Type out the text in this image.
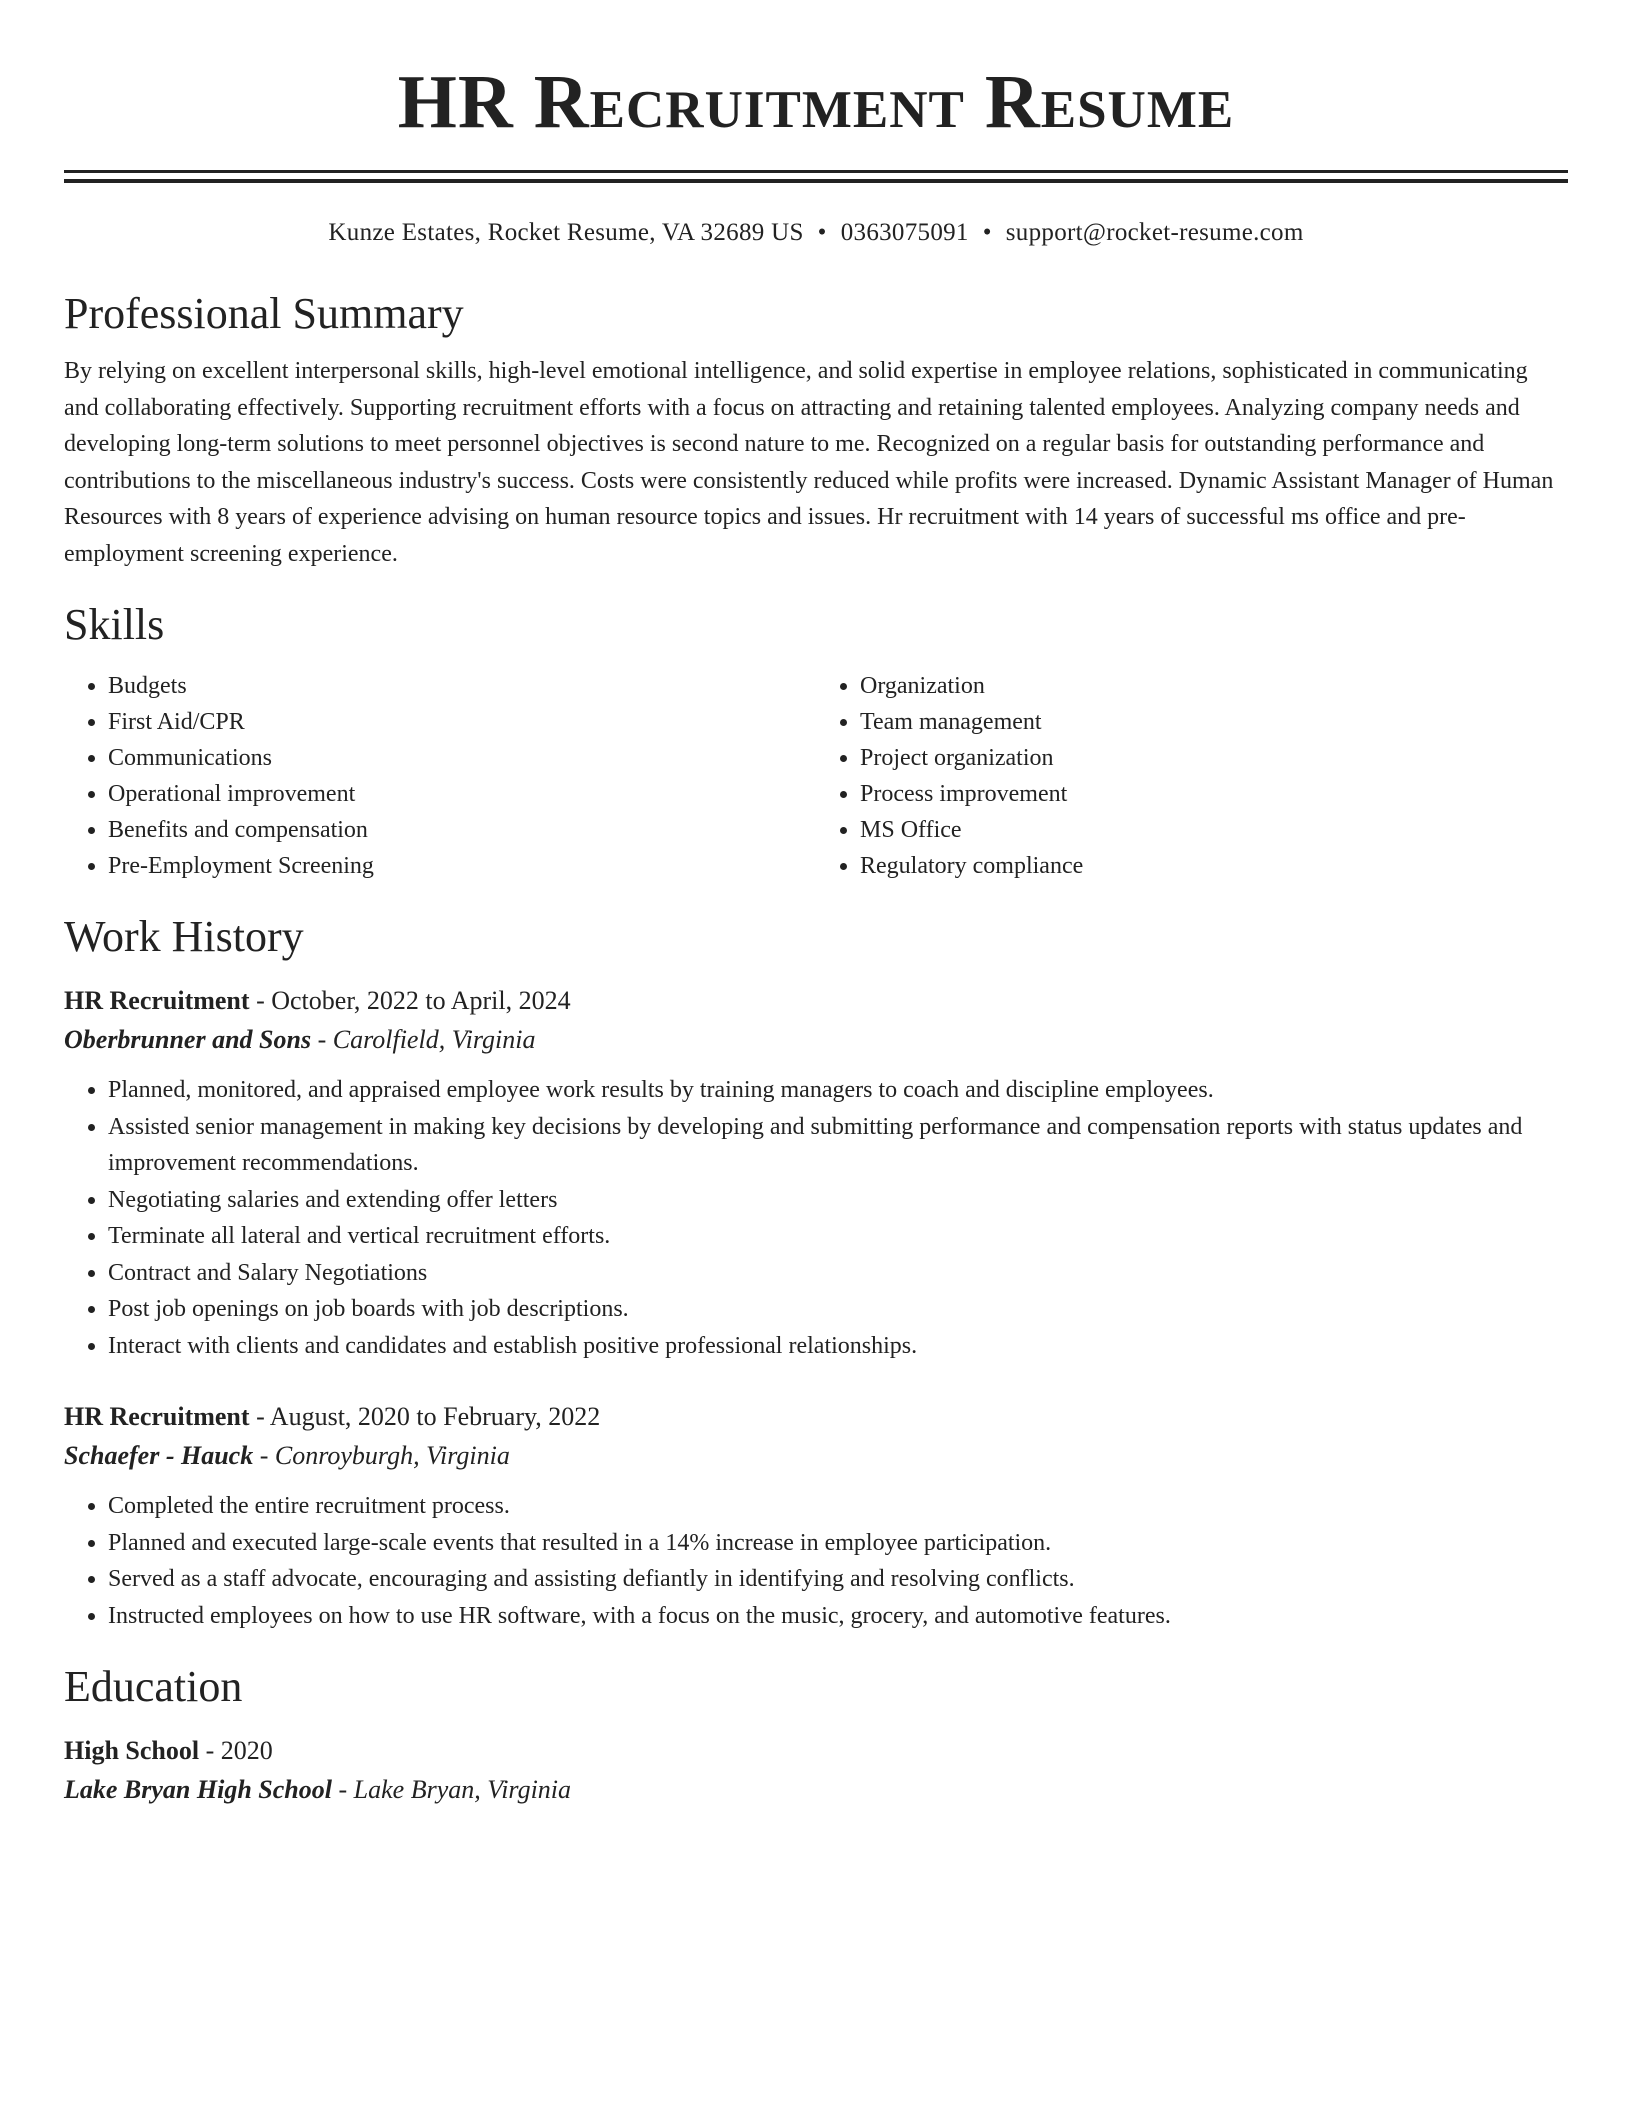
HR Recruitment Resume
Kunze Estates, Rocket Resume, VA 32689 US • 0363075091 • support@rocket-resume.com
Professional Summary

By relying on excellent interpersonal skills, high-level emotional intelligence, and solid expertise in employee relations, sophisticated in communicating and collaborating effectively. Supporting recruitment efforts with a focus on attracting and retaining talented employees. Analyzing company needs and developing long-term solutions to meet personnel objectives is second nature to me. Recognized on a regular basis for outstanding performance and contributions to the miscellaneous industry's success. Costs were consistently reduced while profits were increased. Dynamic Assistant Manager of Human Resources with 8 years of experience advising on human resource topics and issues. Hr recruitment with 14 years of successful ms office and pre-employment screening experience.

Skills
• Budgets
• First Aid/CPR
• Communications
• Operational improvement
• Benefits and compensation
• Pre-Employment Screening
• Organization
• Team management
• Project organization
• Process improvement
• MS Office
• Regulatory compliance
Work History
HR Recruitment - October, 2022 to April, 2024
Oberbrunner and Sons - Carolfield, Virginia
• Planned, monitored, and appraised employee work results by training managers to coach and discipline employees.
• Assisted senior management in making key decisions by developing and submitting performance and compensation reports with status updates and improvement recommendations.
• Negotiating salaries and extending offer letters
• Terminate all lateral and vertical recruitment efforts.
• Contract and Salary Negotiations
• Post job openings on job boards with job descriptions.
• Interact with clients and candidates and establish positive professional relationships.
HR Recruitment - August, 2020 to February, 2022
Schaefer - Hauck - Conroyburgh, Virginia
• Completed the entire recruitment process.
• Planned and executed large-scale events that resulted in a 14% increase in employee participation.
• Served as a staff advocate, encouraging and assisting defiantly in identifying and resolving conflicts.
• Instructed employees on how to use HR software, with a focus on the music, grocery, and automotive features.
Education
High School - 2020
Lake Bryan High School - Lake Bryan, Virginia
